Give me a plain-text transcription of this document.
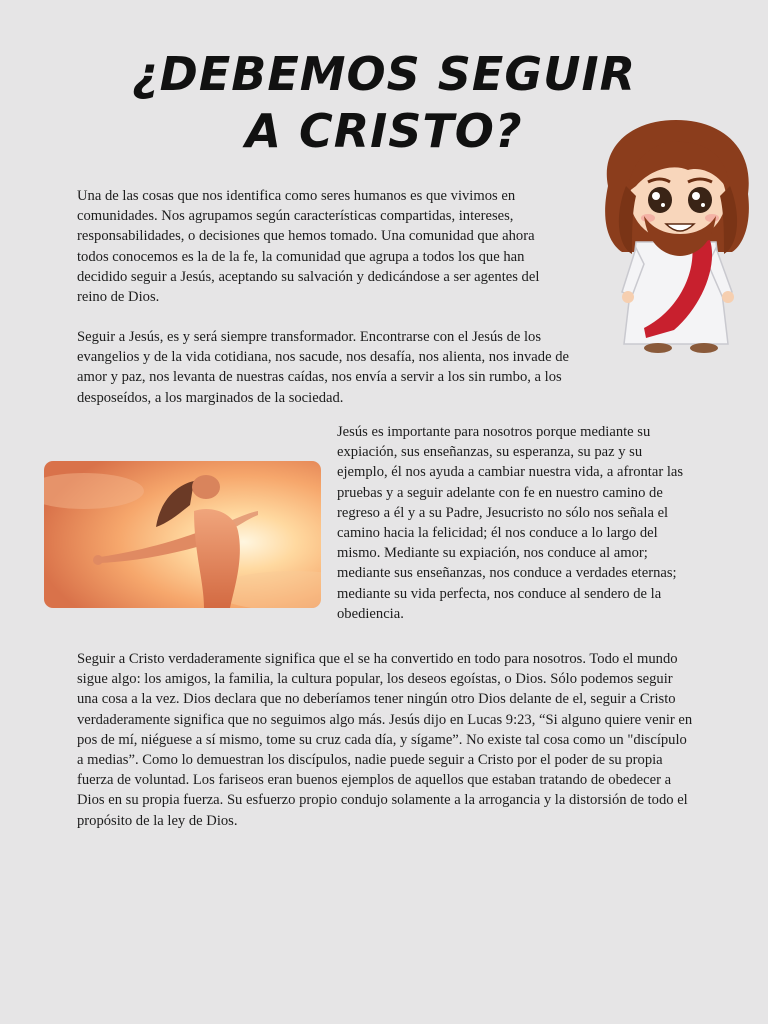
¿DEBEMOS SEGUIR
A CRISTO?

Una de las cosas que nos identifica como seres humanos es que vivimos en comunidades. Nos agrupamos según características compartidas, intereses, responsabilidades, o decisiones que hemos tomado. Una comunidad que ahora todos conocemos es la de la fe, la comunidad que agrupa a todos los que han decidido seguir a Jesús, aceptando su salvación y dedicándose a ser agentes del reino de Dios.

Seguir a Jesús, es y será siempre transformador. Encontrarse con el Jesús de los evangelios y de la vida cotidiana, nos sacude, nos desafía, nos alienta, nos invade de amor y paz, nos levanta de nuestras caídas, nos envía a servir a los sin rumbo, a los desposeídos, a los marginados de la sociedad.

Jesús es importante para nosotros porque mediante su expiación, sus enseñanzas, su esperanza, su paz y su ejemplo, él nos ayuda a cambiar nuestra vida, a afrontar las pruebas y a seguir adelante con fe en nuestro camino de regreso a él y a su Padre, Jesucristo no sólo nos señala el camino hacia la felicidad; él nos conduce a lo largo del mismo. Mediante su expiación, nos conduce al amor; mediante sus enseñanzas, nos conduce a verdades eternas; mediante su vida perfecta, nos conduce al sendero de la obediencia.

Seguir a Cristo verdaderamente significa que el se ha convertido en todo para nosotros. Todo el mundo sigue algo: los amigos, la familia, la cultura popular, los deseos egoístas, o Dios. Sólo podemos seguir una cosa a la vez. Dios declara que no deberíamos tener ningún otro Dios delante de el, seguir a Cristo verdaderamente significa que no seguimos algo más. Jesús dijo en Lucas 9:23, “Si alguno quiere venir en pos de mí, niéguese a sí mismo, tome su cruz cada día, y sígame”. No existe tal cosa como un "discípulo a medias”. Como lo demuestran los discípulos, nadie puede seguir a Cristo por el poder de su propia fuerza de voluntad. Los fariseos eran buenos ejemplos de aquellos que estaban tratando de obedecer a Dios en su propia fuerza. Su esfuerzo propio condujo solamente a la arrogancia y la distorsión de todo el propósito de la ley de Dios.
